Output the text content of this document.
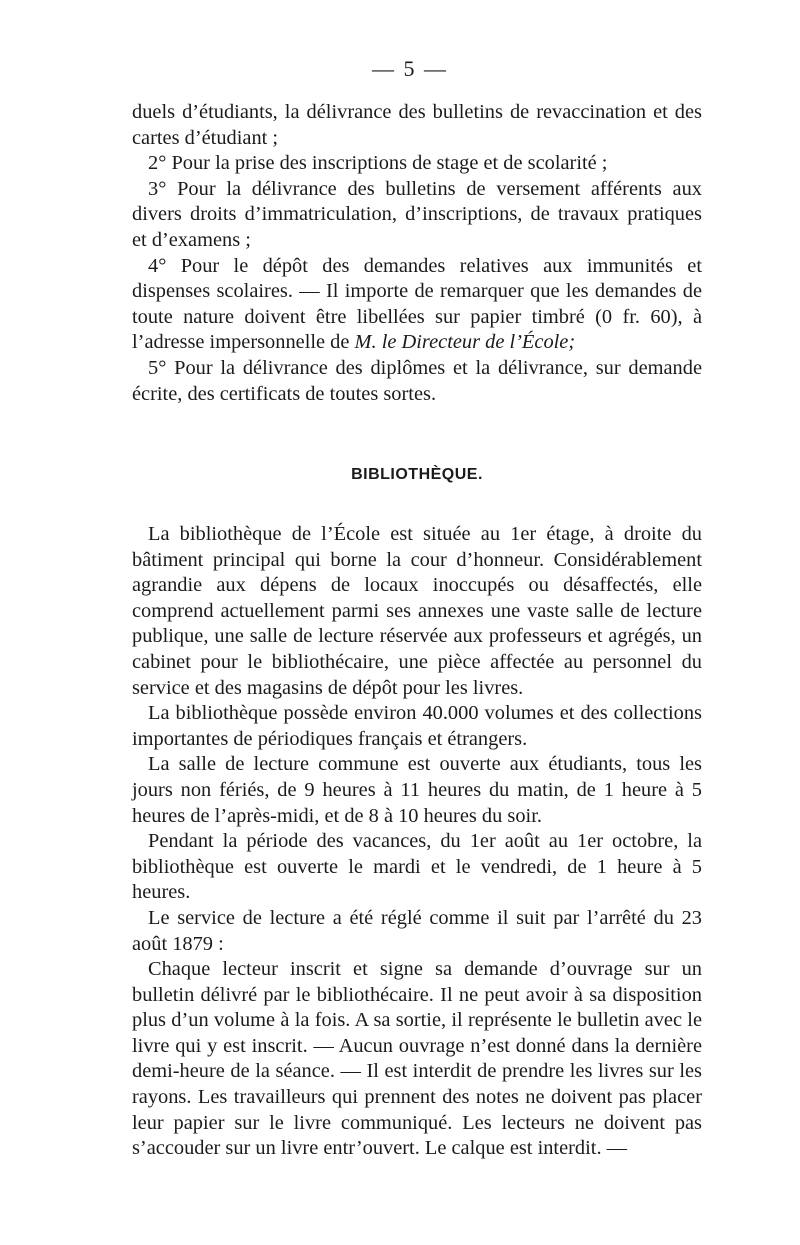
— 5 —

duels d’étudiants, la délivrance des bulletins de revaccination et des cartes d’étudiant ;

2° Pour la prise des inscriptions de stage et de scolarité ;

3° Pour la délivrance des bulletins de versement afférents aux divers droits d’immatriculation, d’inscriptions, de travaux pratiques et d’examens ;

4° Pour le dépôt des demandes relatives aux immunités et dispenses scolaires. — Il importe de remarquer que les demandes de toute nature doivent être libellées sur papier timbré (0 fr. 60), à l’adresse impersonnelle de M. le Directeur de l’École;

5° Pour la délivrance des diplômes et la délivrance, sur demande écrite, des certificats de toutes sortes.

BIBLIOTHÈQUE.

La bibliothèque de l’École est située au 1er étage, à droite du bâtiment principal qui borne la cour d’honneur. Considérablement agrandie aux dépens de locaux inoccupés ou désaffectés, elle comprend actuellement parmi ses annexes une vaste salle de lecture publique, une salle de lecture réservée aux professeurs et agrégés, un cabinet pour le bibliothécaire, une pièce affectée au personnel du service et des magasins de dépôt pour les livres.

La bibliothèque possède environ 40.000 volumes et des collections importantes de périodiques français et étrangers.

La salle de lecture commune est ouverte aux étudiants, tous les jours non fériés, de 9 heures à 11 heures du matin, de 1 heure à 5 heures de l’après-midi, et de 8 à 10 heures du soir.

Pendant la période des vacances, du 1er août au 1er octobre, la bibliothèque est ouverte le mardi et le vendredi, de 1 heure à 5 heures.

Le service de lecture a été réglé comme il suit par l’arrêté du 23 août 1879 :

Chaque lecteur inscrit et signe sa demande d’ouvrage sur un bulletin délivré par le bibliothécaire. Il ne peut avoir à sa disposition plus d’un volume à la fois. A sa sortie, il représente le bulletin avec le livre qui y est inscrit. — Aucun ouvrage n’est donné dans la dernière demi-heure de la séance. — Il est interdit de prendre les livres sur les rayons. Les travailleurs qui prennent des notes ne doivent pas placer leur papier sur le livre communiqué. Les lecteurs ne doivent pas s’accouder sur un livre entr’ouvert. Le calque est interdit. —
